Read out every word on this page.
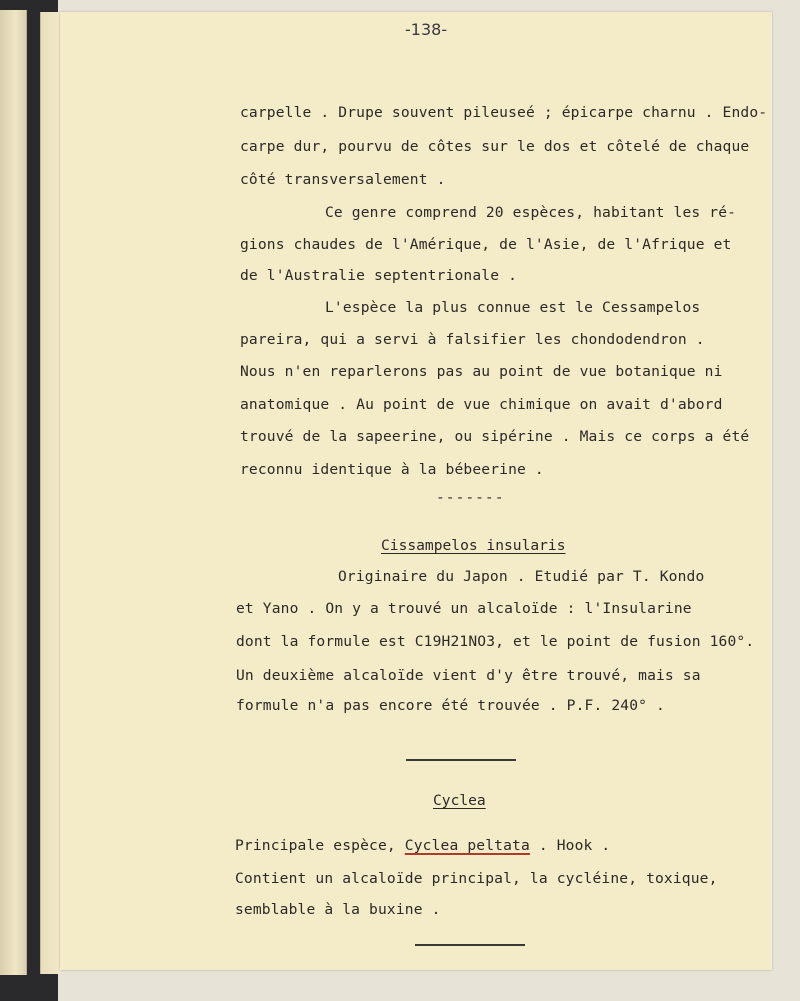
-138-
carpelle . Drupe souvent pileuseé ; épicarpe charnu . Endo-
carpe dur, pourvu de côtes sur le dos et côtelé de chaque
côté transversalement .
Ce genre comprend 20 espèces, habitant les ré-
gions chaudes de l'Amérique, de l'Asie, de l'Afrique et
de l'Australie septentrionale .
L'espèce la plus connue est le Cessampelos
pareira, qui a servi à falsifier les chondodendron .
Nous n'en reparlerons pas au point de vue botanique ni
anatomique . Au point de vue chimique on avait d'abord
trouvé de la sapeerine, ou sipérine . Mais ce corps a été
reconnu identique à la bébeerine .
-------
Cissampelos insularis
Originaire du Japon . Etudié par T. Kondo
et Yano . On y a trouvé un alcaloïde : l'Insularine
dont la formule est C19H21NO3, et le point de fusion 160°.
Un deuxième alcaloïde vient d'y être trouvé, mais sa
formule n'a pas encore été trouvée . P.F. 240° .
Cyclea
Principale espèce, Cyclea peltata . Hook .
Contient un alcaloïde principal, la cycléine, toxique,
semblable à la buxine .
